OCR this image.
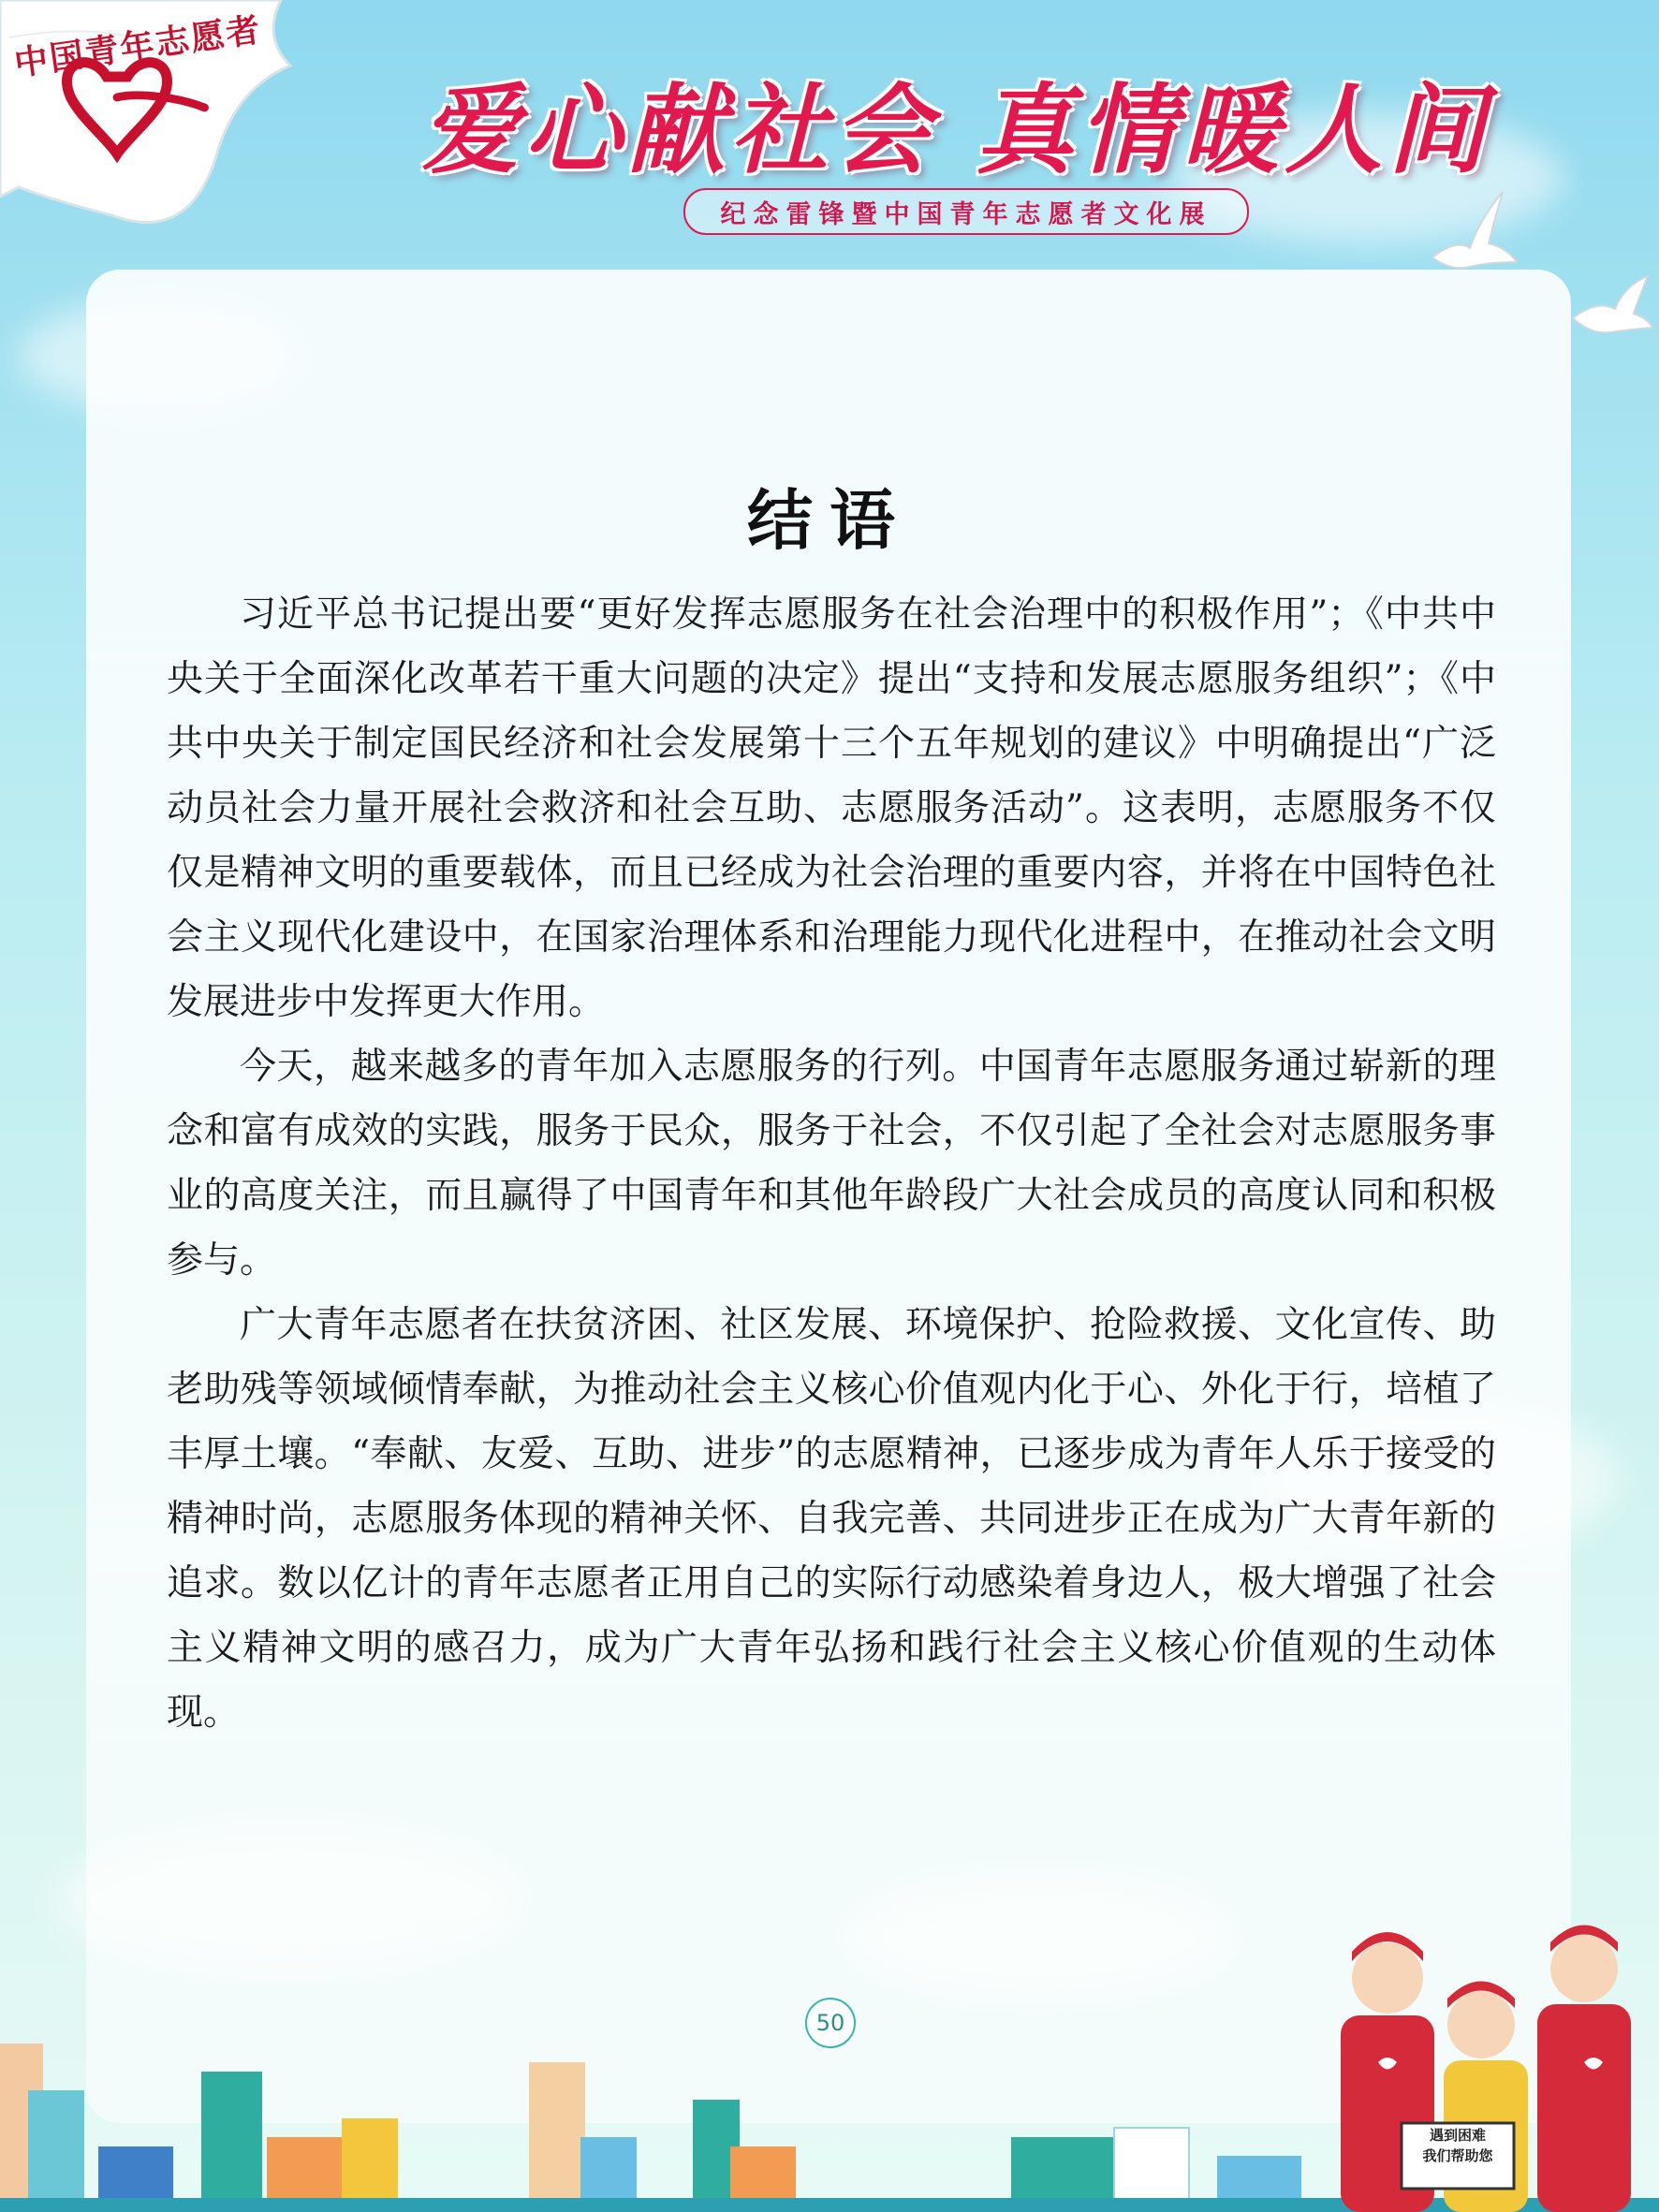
中国青年志愿者
爱心献社会 真情暖人间
纪念雷锋暨中国青年志愿者文化展
结语

习近平总书记提出要“更好发挥志愿服务在社会治理中的积极作用”；《中共中央关于全面深化改革若干重大问题的决定》提出“支持和发展志愿服务组织”；《中共中央关于制定国民经济和社会发展第十三个五年规划的建议》中明确提出“广泛动员社会力量开展社会救济和社会互助、志愿服务活动”。这表明，志愿服务不仅仅是精神文明的重要载体，而且已经成为社会治理的重要内容，并将在中国特色社会主义现代化建设中，在国家治理体系和治理能力现代化进程中，在推动社会文明发展进步中发挥更大作用。

今天，越来越多的青年加入志愿服务的行列。中国青年志愿服务通过崭新的理念和富有成效的实践，服务于民众，服务于社会，不仅引起了全社会对志愿服务事业的高度关注，而且赢得了中国青年和其他年龄段广大社会成员的高度认同和积极参与。

广大青年志愿者在扶贫济困、社区发展、环境保护、抢险救援、文化宣传、助老助残等领域倾情奉献，为推动社会主义核心价值观内化于心、外化于行，培植了丰厚土壤。“奉献、友爱、互助、进步”的志愿精神，已逐步成为青年人乐于接受的精神时尚，志愿服务体现的精神关怀、自我完善、共同进步正在成为广大青年新的追求。数以亿计的青年志愿者正用自己的实际行动感染着身边人，极大增强了社会主义精神文明的感召力，成为广大青年弘扬和践行社会主义核心价值观的生动体现。

遇到困难
我们帮助您
50
